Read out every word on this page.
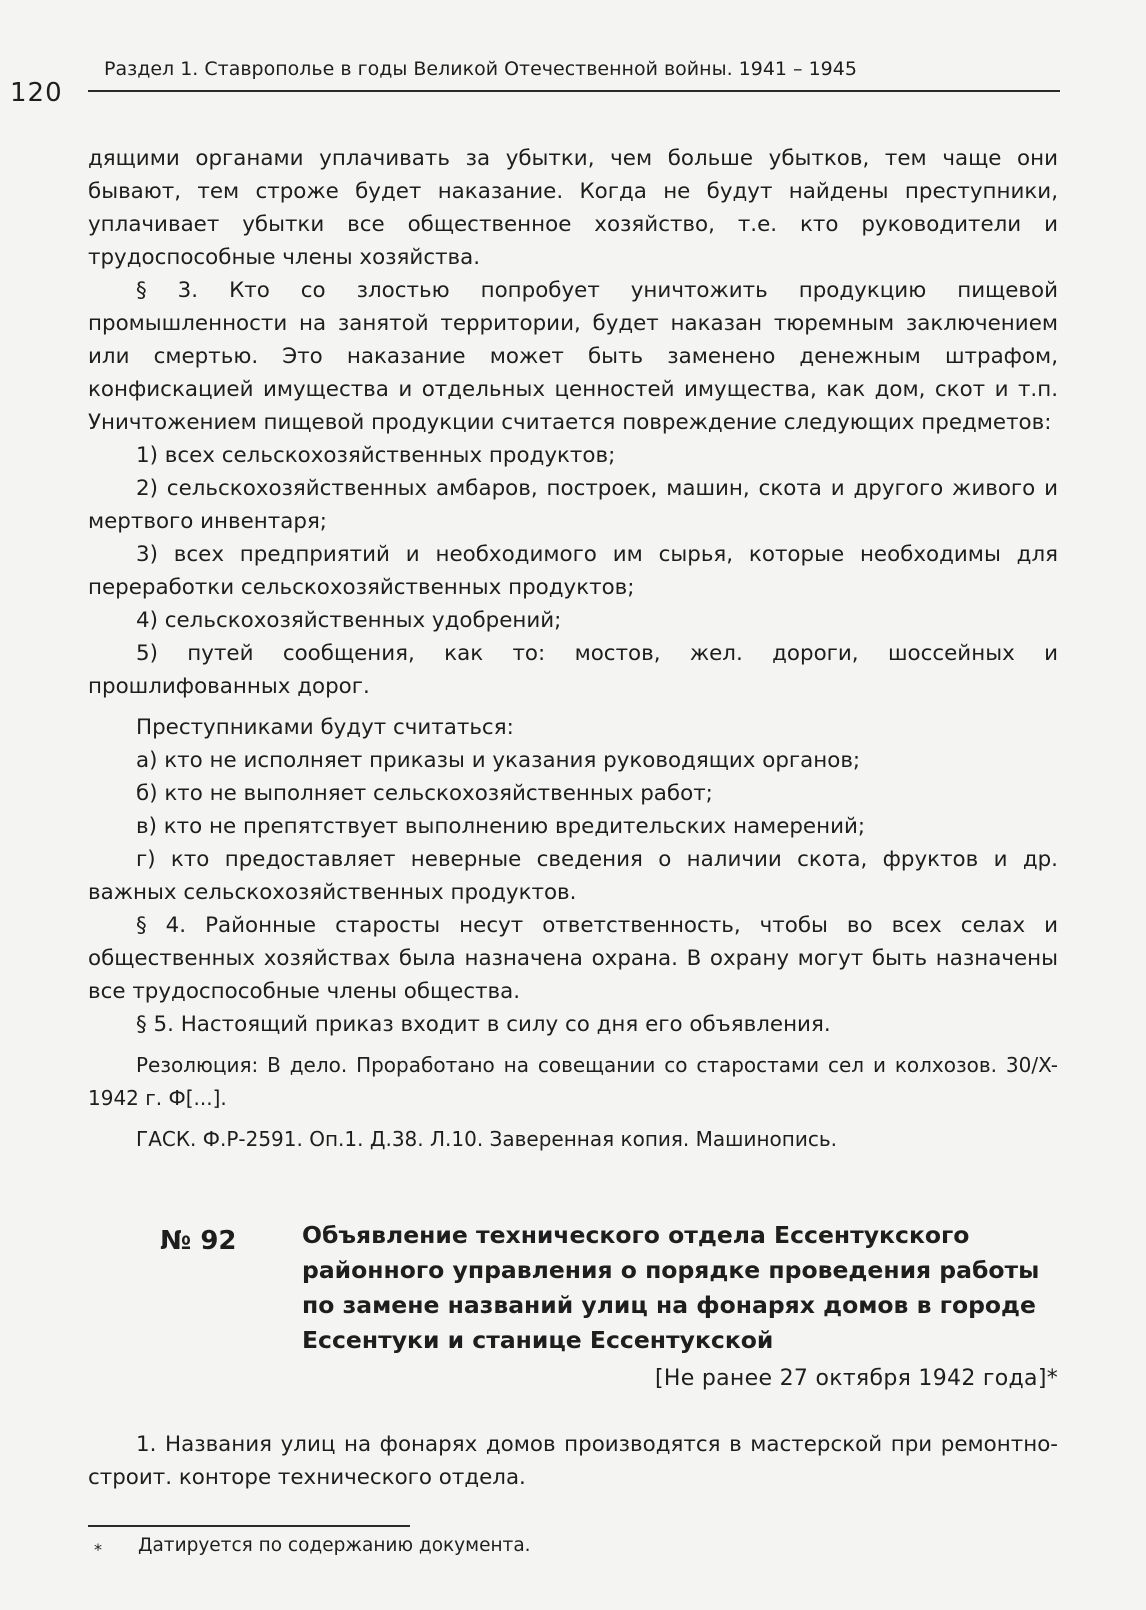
120
Раздел 1. Ставрополье в годы Великой Отечественной войны. 1941 – 1945

дящими органами уплачивать за убытки, чем больше убытков, тем чаще они бывают, тем строже будет наказание. Когда не будут найдены преступники, уплачивает убытки все общественное хозяйство, т.е. кто руководители и трудоспособные члены хозяйства.

§ 3. Кто со злостью попробует уничтожить продукцию пищевой промышленности на занятой территории, будет наказан тюремным заключением или смертью. Это наказание может быть заменено денежным штрафом, конфискацией имущества и отдельных ценностей имущества, как дом, скот и т.п. Уничтожением пищевой продукции считается повреждение следующих предметов:

1) всех сельскохозяйственных продуктов;

2) сельскохозяйственных амбаров, построек, машин, скота и другого живого и мертвого инвентаря;

3) всех предприятий и необходимого им сырья, которые необходимы для переработки сельскохозяйственных продуктов;

4) сельскохозяйственных удобрений;

5) путей сообщения, как то: мостов, жел. дороги, шоссейных и прошлифованных дорог.

Преступниками будут считаться:

а) кто не исполняет приказы и указания руководящих органов;

б) кто не выполняет сельскохозяйственных работ;

в) кто не препятствует выполнению вредительских намерений;

г) кто предоставляет неверные сведения о наличии скота, фруктов и др. важных сельскохозяйственных продуктов.

§ 4. Районные старосты несут ответственность, чтобы во всех селах и общественных хозяйствах была назначена охрана. В охрану могут быть назначены все трудоспособные члены общества.

§ 5. Настоящий приказ входит в силу со дня его объявления.

Резолюция: В дело. Проработано на совещании со старостами сел и колхозов. 30/X-1942 г. Ф[...].

ГАСК. Ф.Р-2591. Оп.1. Д.38. Л.10. Заверенная копия. Машинопись.

№ 92	Объявление технического отдела Ессентукского районного управления о порядке проведения работы по замене названий улиц на фонарях домов в городе Ессентуки и станице Ессентукской
[Не ранее 27 октября 1942 года]*

1. Названия улиц на фонарях домов производятся в мастерской при ремонтно-строит. конторе технического отдела.

* Датируется по содержанию документа.
